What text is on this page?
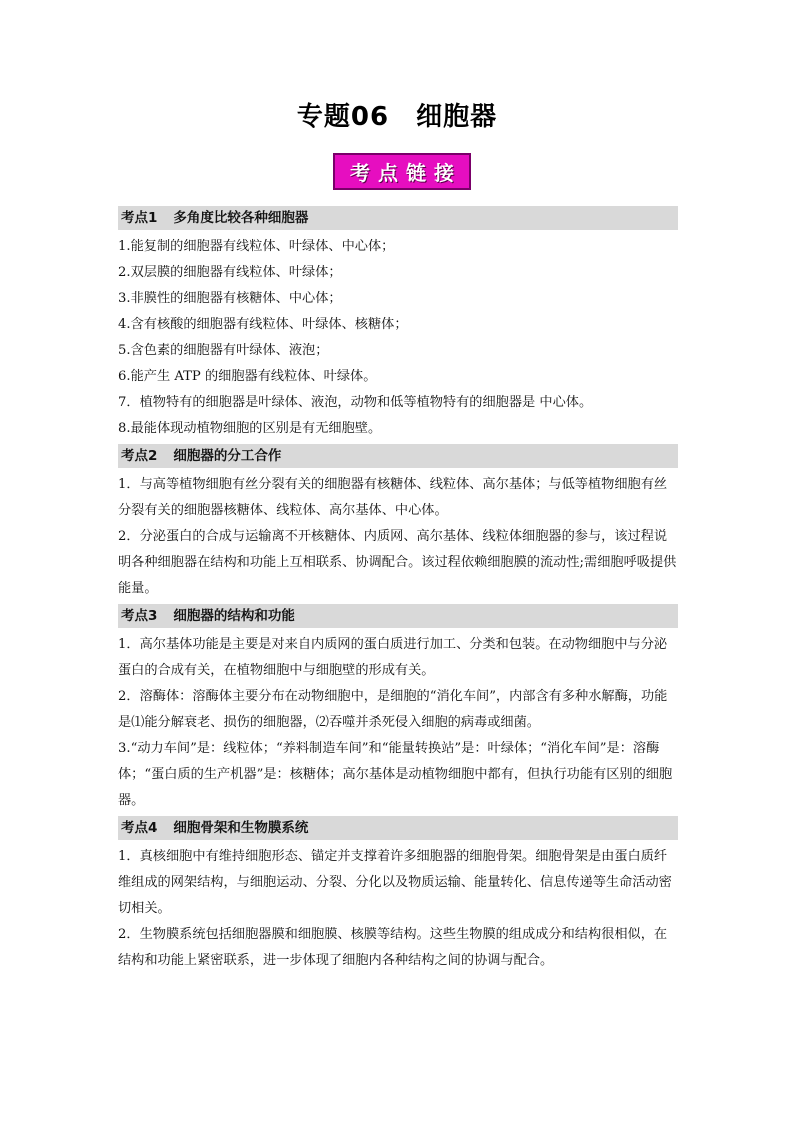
专题06　细胞器
考点链接
考点1 多角度比较各种细胞器

1.能复制的细胞器有线粒体、叶绿体、中心体；

2.双层膜的细胞器有线粒体、叶绿体；

3.非膜性的细胞器有核糖体、中心体；

4.含有核酸的细胞器有线粒体、叶绿体、核糖体；

5.含色素的细胞器有叶绿体、液泡；

6.能产生 ATP 的细胞器有线粒体、叶绿体。

7．植物特有的细胞器是叶绿体、液泡，动物和低等植物特有的细胞器是 中心体。

8.最能体现动植物细胞的区别是有无细胞壁。

考点2 细胞器的分工合作

1．与高等植物细胞有丝分裂有关的细胞器有核糖体、线粒体、高尔基体；与低等植物细胞有丝分裂有关的细胞器核糖体、线粒体、高尔基体、中心体。

2．分泌蛋白的合成与运输离不开核糖体、内质网、高尔基体、线粒体细胞器的参与，该过程说明各种细胞器在结构和功能上互相联系、协调配合。该过程依赖细胞膜的流动性;需细胞呼吸提供能量。

考点3 细胞器的结构和功能

1．高尔基体功能是主要是对来自内质网的蛋白质进行加工、分类和包装。在动物细胞中与分泌蛋白的合成有关，在植物细胞中与细胞壁的形成有关。

2．溶酶体：溶酶体主要分布在动物细胞中，是细胞的“消化车间”，内部含有多种水解酶，功能是⑴能分解衰老、损伤的细胞器，⑵吞噬并杀死侵入细胞的病毒或细菌。

3.“动力车间”是：线粒体；“养料制造车间”和“能量转换站”是：叶绿体；“消化车间”是：溶酶体；“蛋白质的生产机器”是：核糖体；高尔基体是动植物细胞中都有，但执行功能有区别的细胞器。

考点4 细胞骨架和生物膜系统

1．真核细胞中有维持细胞形态、锚定并支撑着许多细胞器的细胞骨架。细胞骨架是由蛋白质纤维组成的网架结构，与细胞运动、分裂、分化以及物质运输、能量转化、信息传递等生命活动密切相关。

2．生物膜系统包括细胞器膜和细胞膜、核膜等结构。这些生物膜的组成成分和结构很相似，在结构和功能上紧密联系，进一步体现了细胞内各种结构之间的协调与配合。
